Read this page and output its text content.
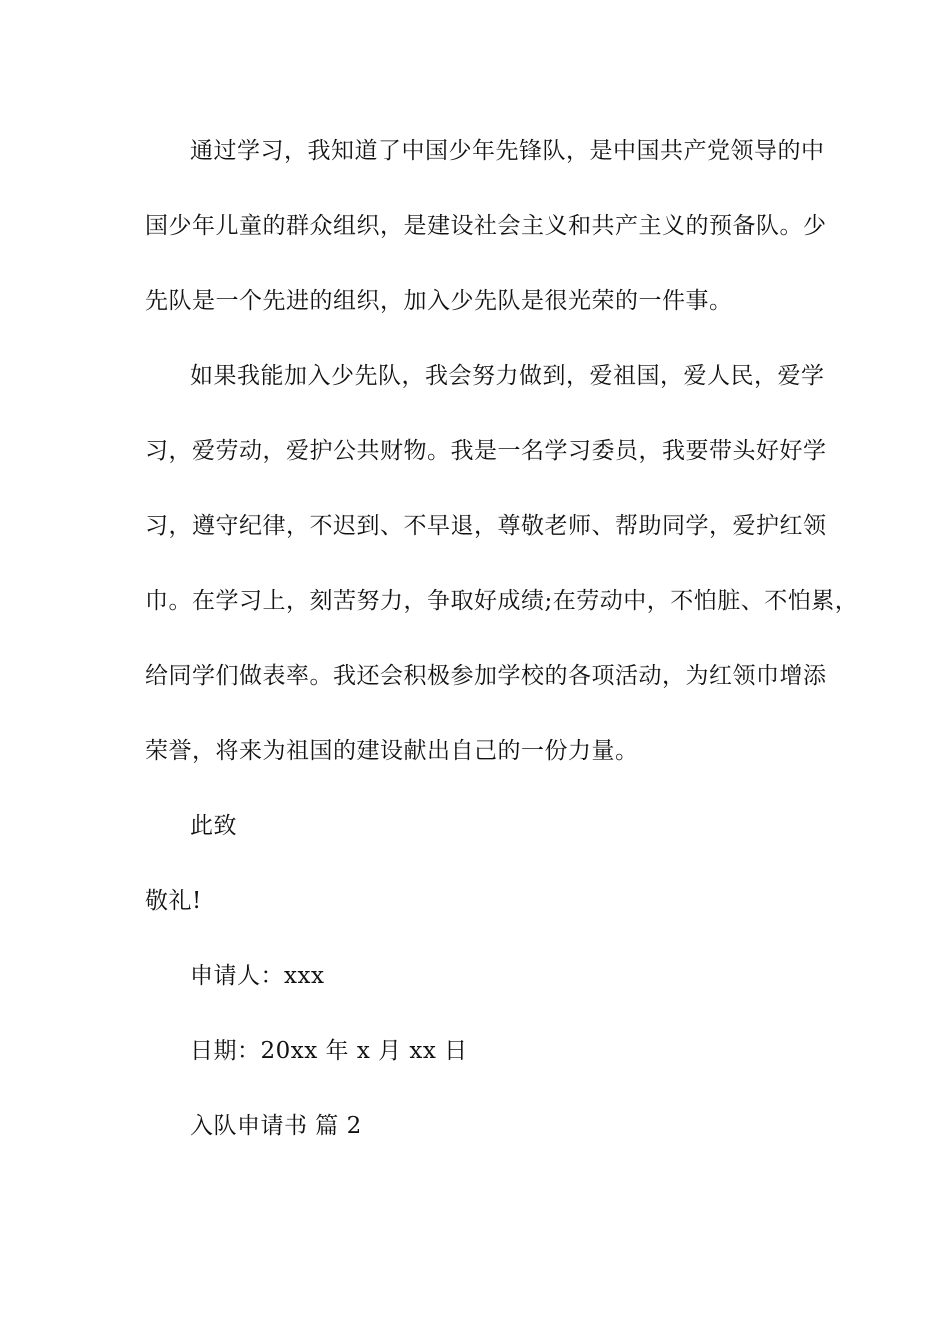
通过学习，我知道了中国少年先锋队，是中国共产党领导的中
国少年儿童的群众组织，是建设社会主义和共产主义的预备队。少
先队是一个先进的组织，加入少先队是很光荣的一件事。
如果我能加入少先队，我会努力做到，爱祖国，爱人民，爱学
习，爱劳动，爱护公共财物。我是一名学习委员，我要带头好好学
习，遵守纪律，不迟到、不早退，尊敬老师、帮助同学，爱护红领
巾。在学习上，刻苦努力，争取好成绩;在劳动中，不怕脏、不怕累，
给同学们做表率。我还会积极参加学校的各项活动，为红领巾增添
荣誉，将来为祖国的建设献出自己的一份力量。
此致
敬礼!
申请人：xxx
日期：20xx 年 x 月 xx 日
入队申请书 篇 2
